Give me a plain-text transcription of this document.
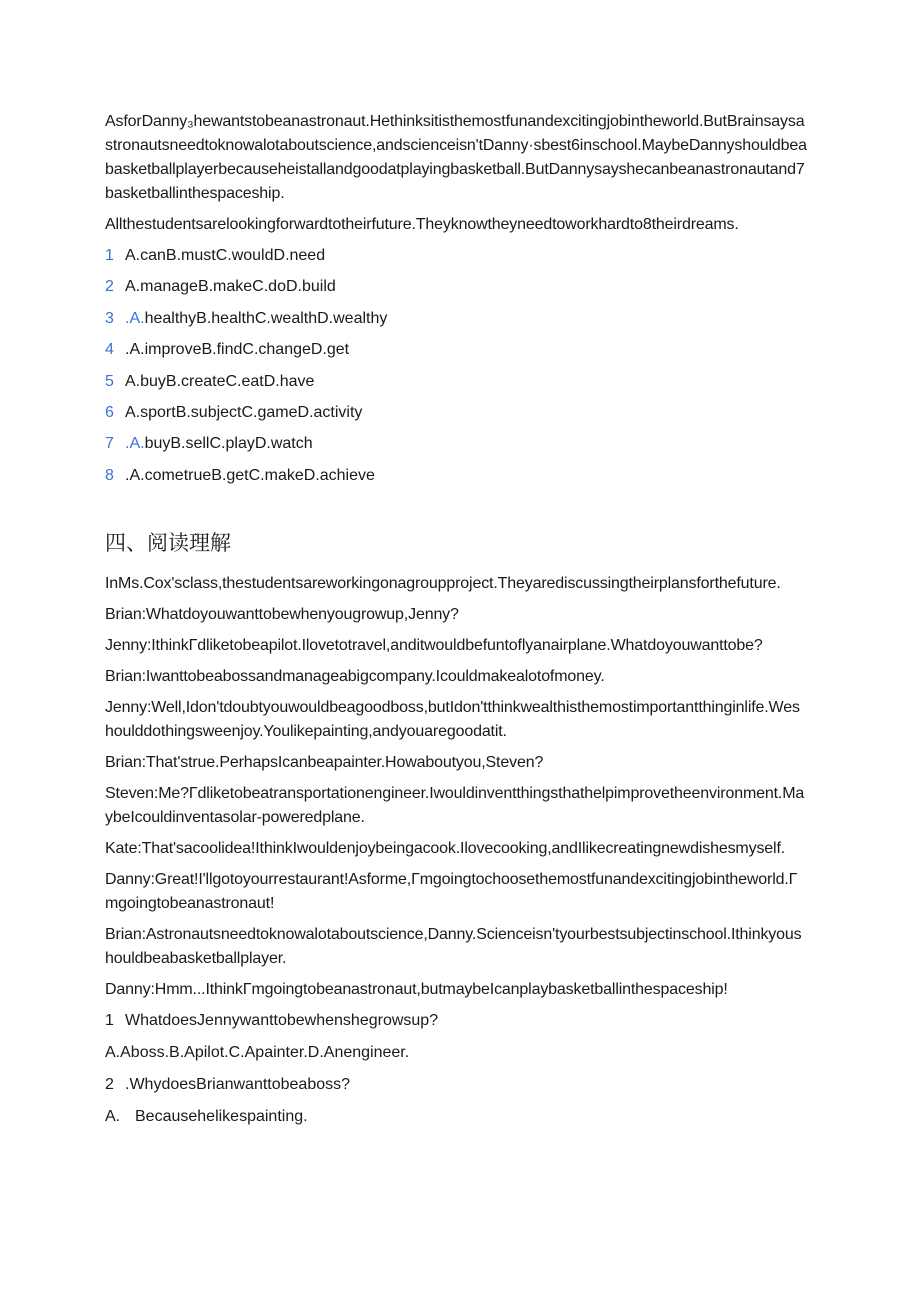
AsforDanny₃hewantstobeanastronaut.Hethinksitisthemostfunandexcitingjobintheworld.ButBrainsaysastronautsneedtoknowalotaboutscience,andscienceisn'tDanny·sbest6inschool.MaybeDannyshouldbeabasketballplayerbecauseheistallandgoodatplayingbasketball.ButDannysayshecanbeanastronautand7basketballinthespaceship.

Allthestudentsarelookingforwardtotheirfuture.Theyknowtheyneedtoworkhardto8theirdreams.

1 A.canB.mustC.wouldD.need
2 A.manageB.makeC.doD.build
3 .A.healthyB.healthC.wealthD.wealthy
4 .A.improveB.findC.changeD.get
5 A.buyB.createC.eatD.have
6 A.sportB.subjectC.gameD.activity
7 .A.buyB.sellC.playD.watch
8 .A.cometrueB.getC.makeD.achieve
四、阅读理解

InMs.Cox'sclass,thestudentsareworkingonagroupproject.Theyarediscussingtheirplansforthefuture.

Brian:Whatdoyouwanttobewhenyougrowup,Jenny?

Jenny:IthinkΓdliketobeapilot.Ilovetotravel,anditwouldbefuntoflyanairplane.Whatdoyouwanttobe?

Brian:Iwanttobeabossandmanageabigcompany.Icouldmakealotofmoney.

Jenny:Well,Idon'tdoubtyouwouldbeagoodboss,butIdon'tthinkwealthisthemostimportantthinginlife.Weshoulddothingsweenjoy.Youlikepainting,andyouaregoodatit.

Brian:That'strue.PerhapsIcanbeapainter.Howaboutyou,Steven?

Steven:Me?Γdliketobeatransportationengineer.Iwouldinventthingsthathelpimprovetheenvironment.MaybeIcouldinventasolar-poweredplane.

Kate:That'sacoolidea!IthinkIwouldenjoybeingacook.Ilovecooking,andIlikecreatingnewdishesmyself.

Danny:Great!I'llgotoyourrestaurant!Asforme,Γmgoingtochoosethemostfunandexcitingjobintheworld.Γmgoingtobeanastronaut!

Brian:Astronautsneedtoknowalotaboutscience,Danny.Scienceisn'tyourbestsubjectinschool.Ithinkyoushouldbeabasketballplayer.

Danny:Hmm...IthinkΓmgoingtobeanastronaut,butmaybeIcanplaybasketballinthespaceship!

1 WhatdoesJennywanttobewhenshegrowsup?

A.Aboss.B.Apilot.C.Apainter.D.Anengineer.

2 .WhydoesBrianwanttobeaboss?

A. Becausehelikespainting.
